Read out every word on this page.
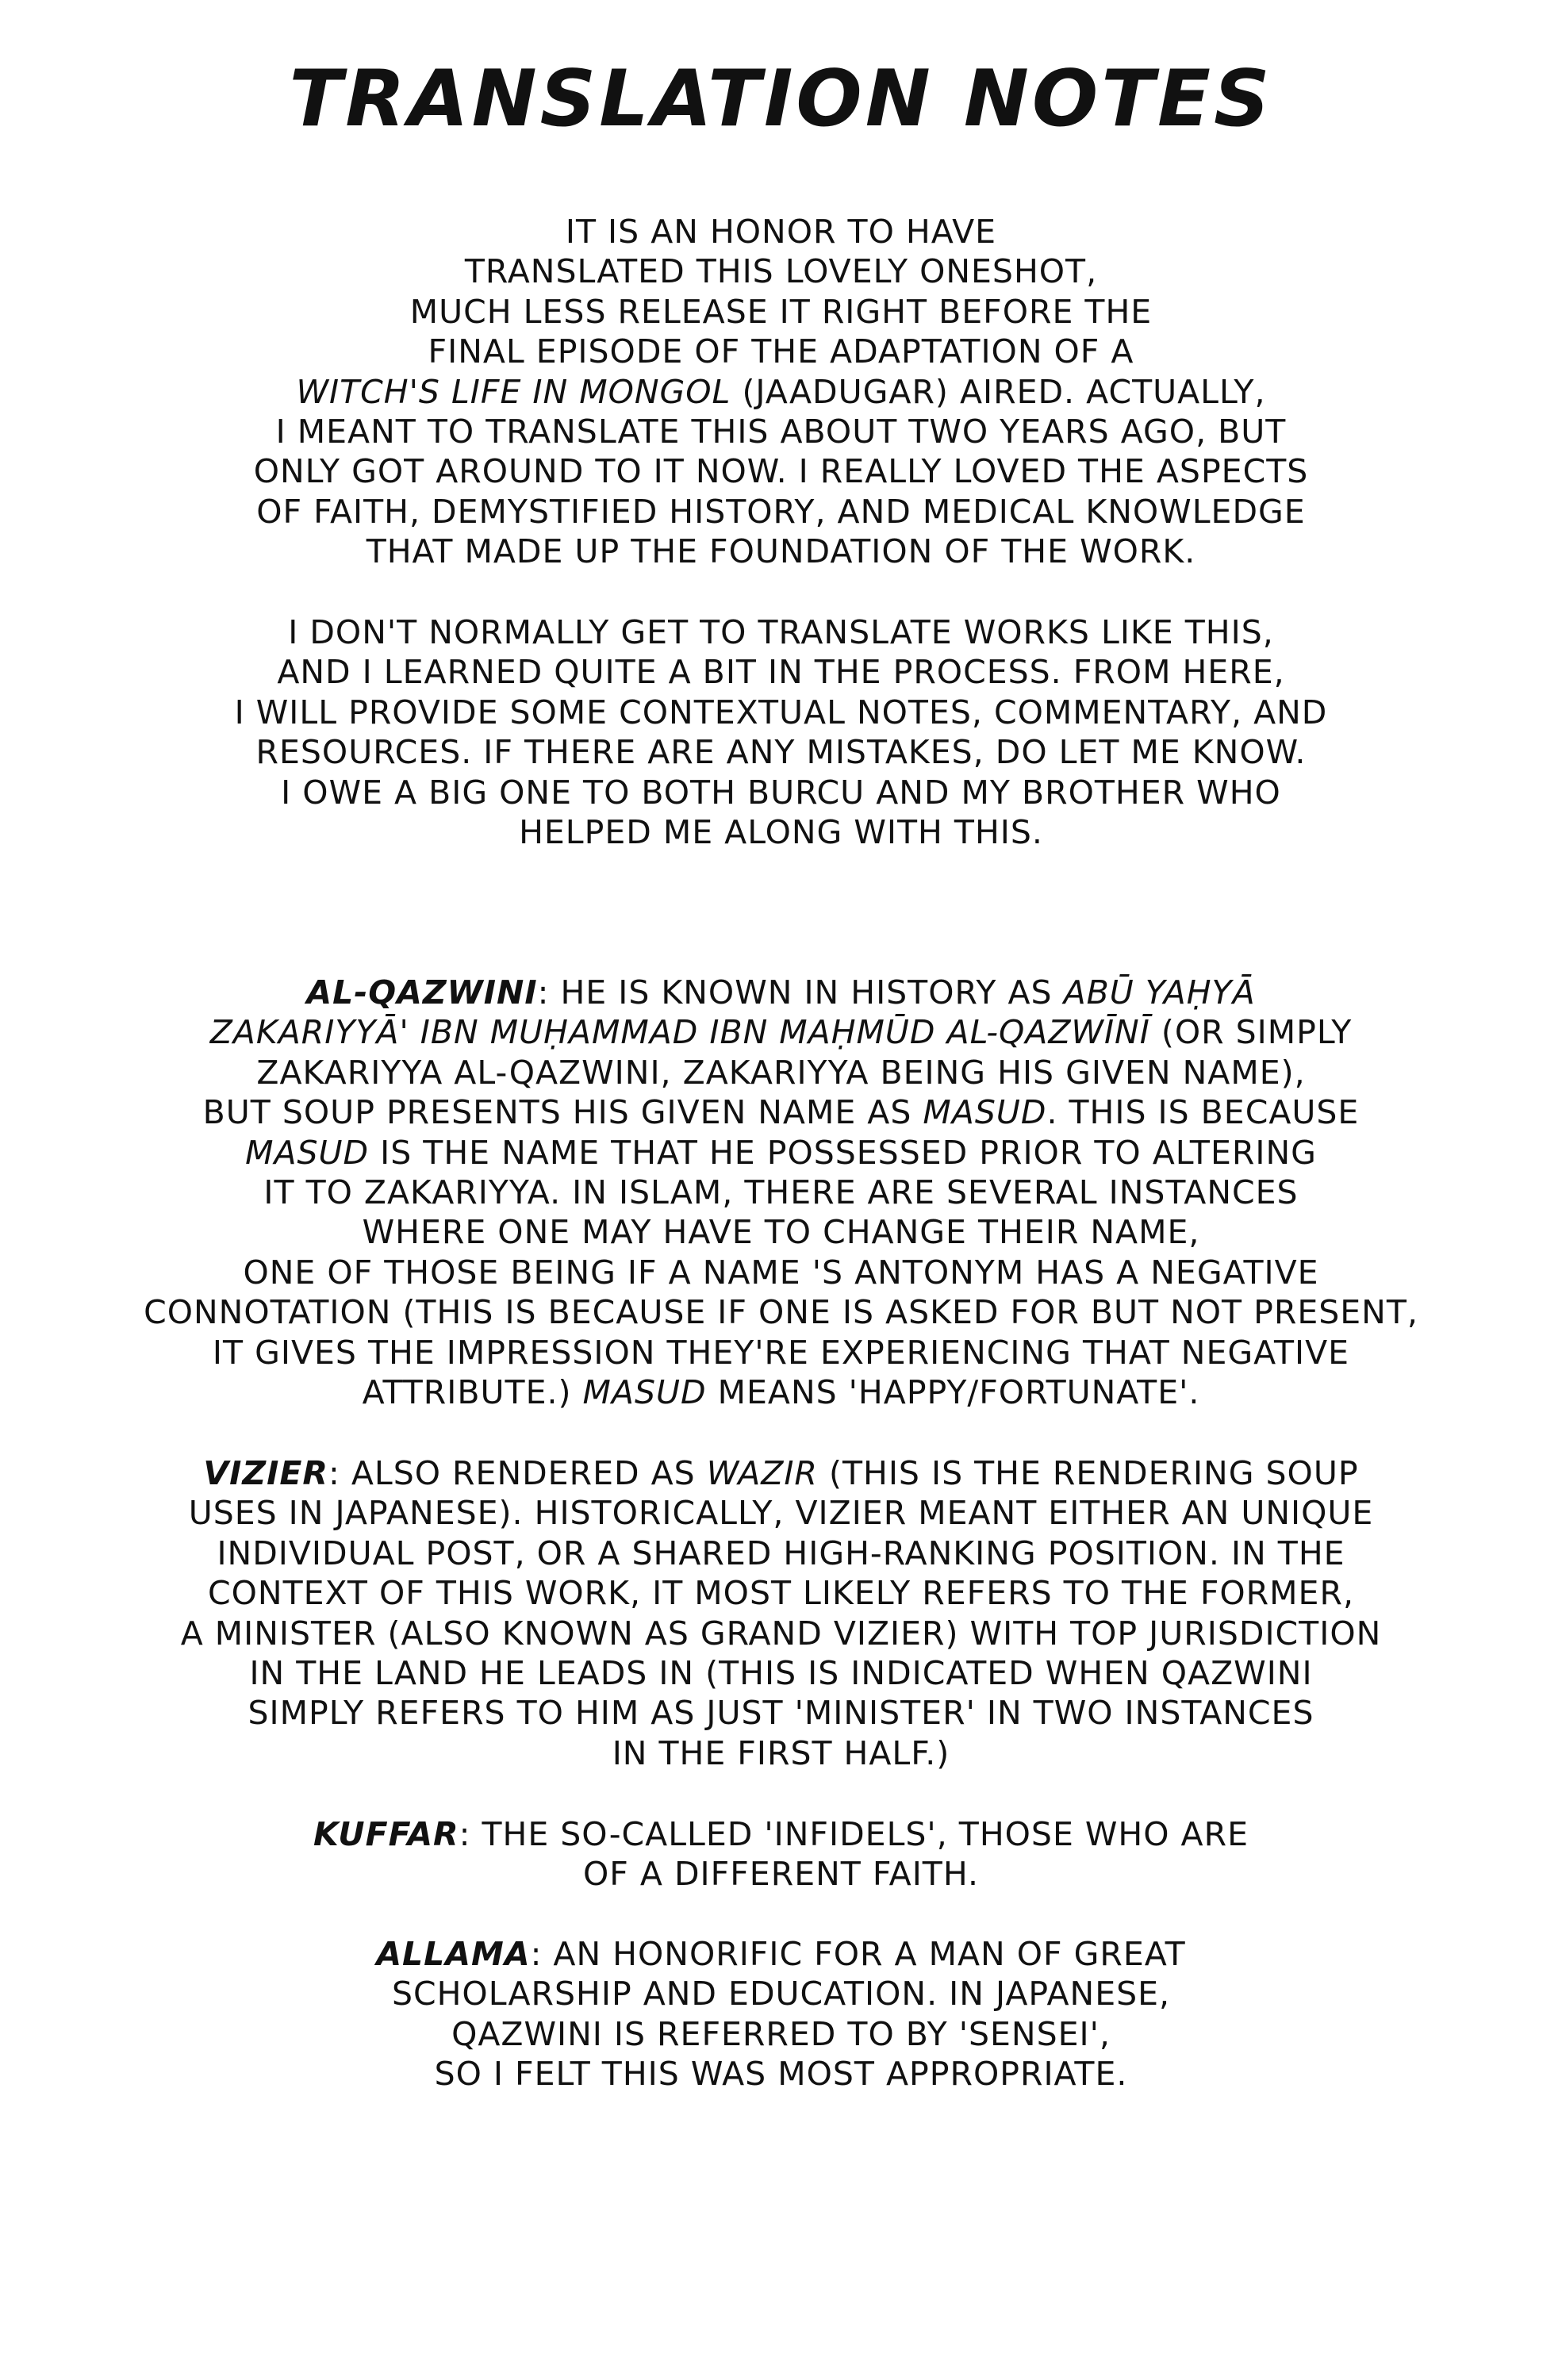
TRANSLATION NOTES

IT IS AN HONOR TO HAVE
TRANSLATED THIS LOVELY ONESHOT,
MUCH LESS RELEASE IT RIGHT BEFORE THE
FINAL EPISODE OF THE ADAPTATION OF A
WITCH'S LIFE IN MONGOL (JAADUGAR) AIRED. ACTUALLY,
I MEANT TO TRANSLATE THIS ABOUT TWO YEARS AGO, BUT
ONLY GOT AROUND TO IT NOW. I REALLY LOVED THE ASPECTS
OF FAITH, DEMYSTIFIED HISTORY, AND MEDICAL KNOWLEDGE
THAT MADE UP THE FOUNDATION OF THE WORK.

I DON'T NORMALLY GET TO TRANSLATE WORKS LIKE THIS,
AND I LEARNED QUITE A BIT IN THE PROCESS. FROM HERE,
I WILL PROVIDE SOME CONTEXTUAL NOTES, COMMENTARY, AND
RESOURCES. IF THERE ARE ANY MISTAKES, DO LET ME KNOW.
I OWE A BIG ONE TO BOTH BURCU AND MY BROTHER WHO
HELPED ME ALONG WITH THIS.

AL-QAZWINI: HE IS KNOWN IN HISTORY AS ABŪ YAḤYĀ
ZAKARIYYĀ' IBN MUḤAMMAD IBN MAḤMŪD AL-QAZWĪNĪ (OR SIMPLY
ZAKARIYYA AL-QAZWINI, ZAKARIYYA BEING HIS GIVEN NAME),
BUT SOUP PRESENTS HIS GIVEN NAME AS MASUD. THIS IS BECAUSE
MASUD IS THE NAME THAT HE POSSESSED PRIOR TO ALTERING
IT TO ZAKARIYYA. IN ISLAM, THERE ARE SEVERAL INSTANCES
WHERE ONE MAY HAVE TO CHANGE THEIR NAME,
ONE OF THOSE BEING IF A NAME 'S ANTONYM HAS A NEGATIVE
CONNOTATION (THIS IS BECAUSE IF ONE IS ASKED FOR BUT NOT PRESENT,
IT GIVES THE IMPRESSION THEY'RE EXPERIENCING THAT NEGATIVE
ATTRIBUTE.) MASUD MEANS 'HAPPY/FORTUNATE'.

VIZIER: ALSO RENDERED AS WAZIR (THIS IS THE RENDERING SOUP
USES IN JAPANESE). HISTORICALLY, VIZIER MEANT EITHER AN UNIQUE
INDIVIDUAL POST, OR A SHARED HIGH-RANKING POSITION. IN THE
CONTEXT OF THIS WORK, IT MOST LIKELY REFERS TO THE FORMER,
A MINISTER (ALSO KNOWN AS GRAND VIZIER) WITH TOP JURISDICTION
IN THE LAND HE LEADS IN (THIS IS INDICATED WHEN QAZWINI
SIMPLY REFERS TO HIM AS JUST 'MINISTER' IN TWO INSTANCES
IN THE FIRST HALF.)

KUFFAR: THE SO-CALLED 'INFIDELS', THOSE WHO ARE
OF A DIFFERENT FAITH.

ALLAMA: AN HONORIFIC FOR A MAN OF GREAT
SCHOLARSHIP AND EDUCATION. IN JAPANESE,
QAZWINI IS REFERRED TO BY 'SENSEI',
SO I FELT THIS WAS MOST APPROPRIATE.
